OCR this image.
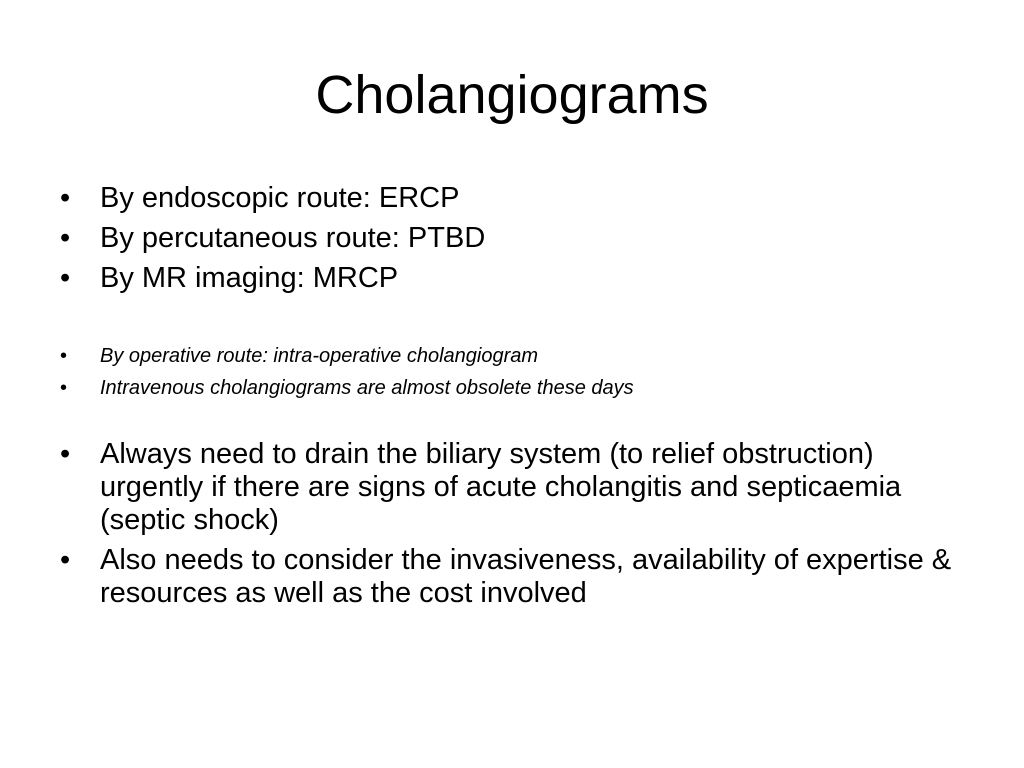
Cholangiograms
• By endoscopic route: ERCP
• By percutaneous route: PTBD
• By MR imaging: MRCP
• By operative route: intra-operative cholangiogram
• Intravenous cholangiograms are almost obsolete these days
• Always need to drain the biliary system (to relief obstruction) urgently if there are signs of acute cholangitis and septicaemia (septic shock)
• Also needs to consider the invasiveness, availability of expertise & resources as well as the cost involved
